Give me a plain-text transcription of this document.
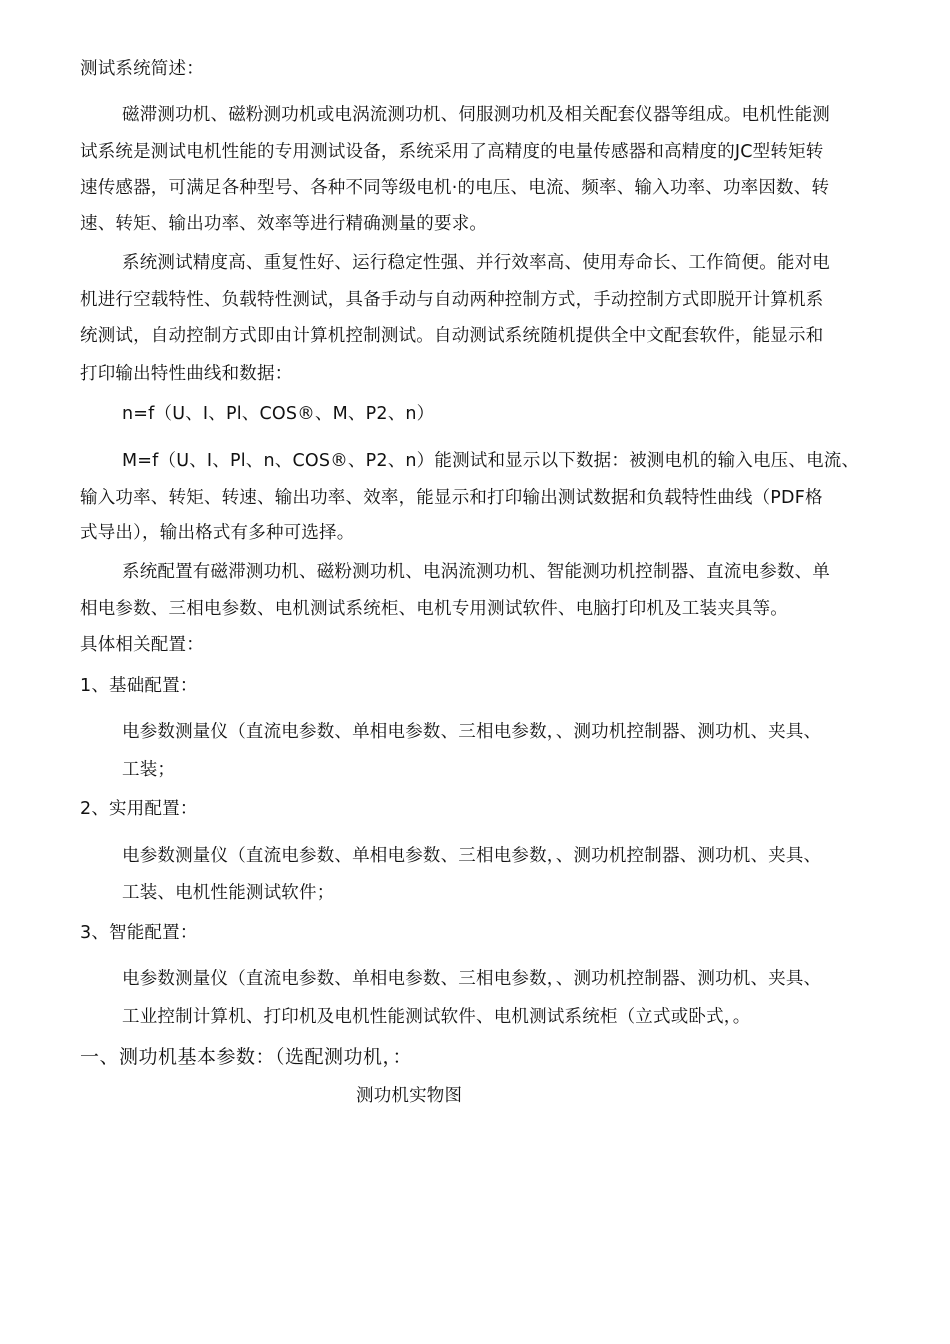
测试系统简述：
磁滞测功机、磁粉测功机或电涡流测功机、伺服测功机及相关配套仪器等组成。电机性能测
试系统是测试电机性能的专用测试设备，系统采用了高精度的电量传感器和高精度的JC型转矩转
速传感器，可满足各种型号、各种不同等级电机·的电压、电流、频率、输入功率、功率因数、转
速、转矩、输出功率、效率等进行精确测量的要求。
系统测试精度高、重复性好、运行稳定性强、并行效率高、使用寿命长、工作简便。能对电
机进行空载特性、负载特性测试，具备手动与自动两种控制方式，手动控制方式即脱开计算机系
统测试，自动控制方式即由计算机控制测试。自动测试系统随机提供全中文配套软件，能显示和
打印输出特性曲线和数据：
n=f（U、I、Pl、COS®、M、P2、n）
M=f（U、I、Pl、n、COS®、P2、n）能测试和显示以下数据：被测电机的输入电压、电流、
输入功率、转矩、转速、输出功率、效率，能显示和打印输出测试数据和负载特性曲线（PDF格
式导出），输出格式有多种可选择。
系统配置有磁滞测功机、磁粉测功机、电涡流测功机、智能测功机控制器、直流电参数、单
相电参数、三相电参数、电机测试系统柜、电机专用测试软件、电脑打印机及工装夹具等。
具体相关配置：
1、基础配置：
电参数测量仪（直流电参数、单相电参数、三相电参数，、测功机控制器、测功机、夹具、
工装；
2、实用配置：
电参数测量仪（直流电参数、单相电参数、三相电参数，、测功机控制器、测功机、夹具、
工装、电机性能测试软件；
3、智能配置：
电参数测量仪（直流电参数、单相电参数、三相电参数，、测功机控制器、测功机、夹具、
工业控制计算机、打印机及电机性能测试软件、电机测试系统柜（立式或卧式，。
一、测功机基本参数：（选配测功机，：
测功机实物图
